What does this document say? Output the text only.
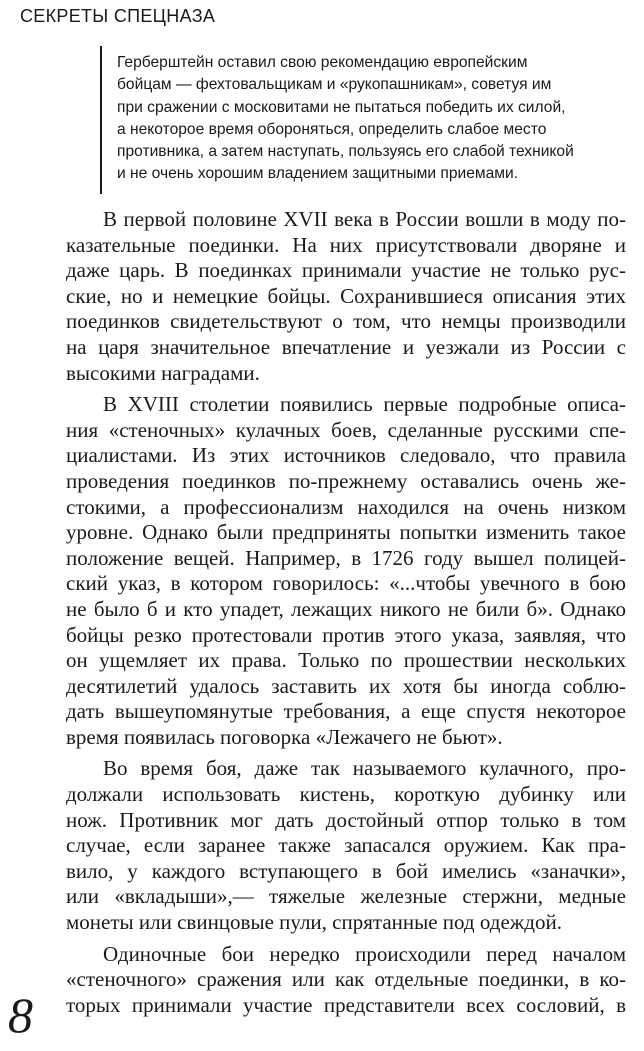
СЕКРЕТЫ СПЕЦНАЗА
Герберштейн оставил свою рекомендацию европейским
бойцам — фехтовальщикам и «рукопашникам», советуя им
при сражении с московитами не пытаться победить их силой,
а некоторое время обороняться, определить слабое место
противника, а затем наступать, пользуясь его слабой техникой
и не очень хорошим владением защитными приемами.
В первой половине XVII века в России вошли в моду по-
казательные поединки. На них присутствовали дворяне и
даже царь. В поединках принимали участие не только рус-
ские, но и немецкие бойцы. Сохранившиеся описания этих
поединков свидетельствуют о том, что немцы производили
на царя значительное впечатление и уезжали из России с
высокими наградами.
В XVIII столетии появились первые подробные описа-
ния «стеночных» кулачных боев, сделанные русскими спе-
циалистами. Из этих источников следовало, что правила
проведения поединков по-прежнему оставались очень же-
стокими, а профессионализм находился на очень низком
уровне. Однако были предприняты попытки изменить такое
положение вещей. Например, в 1726 году вышел полицей-
ский указ, в котором говорилось: «...чтобы увечного в бою
не было б и кто упадет, лежащих никого не били б». Однако
бойцы резко протестовали против этого указа, заявляя, что
он ущемляет их права. Только по прошествии нескольких
десятилетий удалось заставить их хотя бы иногда соблю-
дать вышеупомянутые требования, а еще спустя некоторое
время появилась поговорка «Лежачего не бьют».
Во время боя, даже так называемого кулачного, про-
должали использовать кистень, короткую дубинку или
нож. Противник мог дать достойный отпор только в том
случае, если заранее также запасался оружием. Как пра-
вило, у каждого вступающего в бой имелись «заначки»,
или «вкладыши»,— тяжелые железные стержни, медные
монеты или свинцовые пули, спрятанные под одеждой.
Одиночные бои нередко происходили перед началом
«стеночного» сражения или как отдельные поединки, в ко-
торых принимали участие представители всех сословий, в
8
